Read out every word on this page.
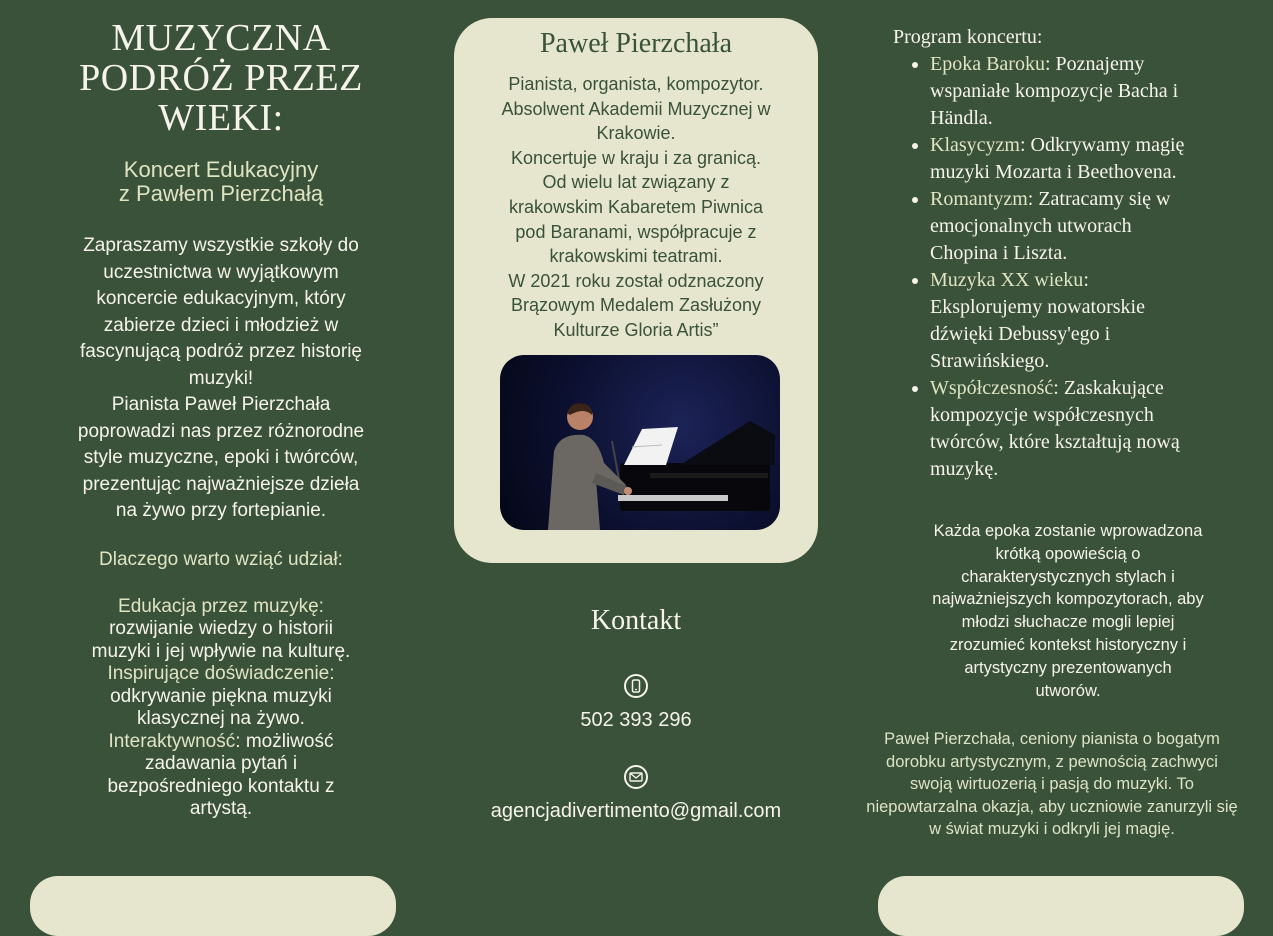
MUZYCZNA
PODRÓŻ PRZEZ
WIEKI:
Koncert Edukacyjny
z Pawłem Pierzchałą
Zapraszamy wszystkie szkoły do
uczestnictwa w wyjątkowym
koncercie edukacyjnym, który
zabierze dzieci i młodzież w
fascynującą podróż przez historię
muzyki!
Pianista Paweł Pierzchała
poprowadzi nas przez różnorodne
style muzyczne, epoki i twórców,
prezentując najważniejsze dzieła
na żywo przy fortepianie.
Dlaczego warto wziąć udział:
Edukacja przez muzykę:
rozwijanie wiedzy o historii
muzyki i jej wpływie na kulturę.
Inspirujące doświadczenie:
odkrywanie piękna muzyki
klasycznej na żywo.
Interaktywność: możliwość
zadawania pytań i
bezpośredniego kontaktu z
artystą.
Paweł Pierzchała
Pianista, organista, kompozytor.
Absolwent Akademii Muzycznej w
Krakowie.
Koncertuje w kraju i za granicą.
Od wielu lat związany z
krakowskim Kabaretem Piwnica
pod Baranami, współpracuje z
krakowskimi teatrami.
W 2021 roku został odznaczony
Brązowym Medalem Zasłużony
Kulturze Gloria Artis”
Kontakt
502 393 296
agencjadivertimento@gmail.com
Program koncertu:
• Epoka Baroku: Poznajemy
wspaniałe kompozycje Bacha i
Händla.
• Klasycyzm: Odkrywamy magię
muzyki Mozarta i Beethovena.
• Romantyzm: Zatracamy się w
emocjonalnych utworach
Chopina i Liszta.
• Muzyka XX wieku:
Eksplorujemy nowatorskie
dźwięki Debussy'ego i
Strawińskiego.
• Współczesność: Zaskakujące
kompozycje współczesnych
twórców, które kształtują nową
muzykę.
Każda epoka zostanie wprowadzona
krótką opowieścią o
charakterystycznych stylach i
najważniejszych kompozytorach, aby
młodzi słuchacze mogli lepiej
zrozumieć kontekst historyczny i
artystyczny prezentowanych
utworów.
Paweł Pierzchała, ceniony pianista o bogatym
dorobku artystycznym, z pewnością zachwyci
swoją wirtuozerią i pasją do muzyki. To
niepowtarzalna okazja, aby uczniowie zanurzyli się
w świat muzyki i odkryli jej magię.
